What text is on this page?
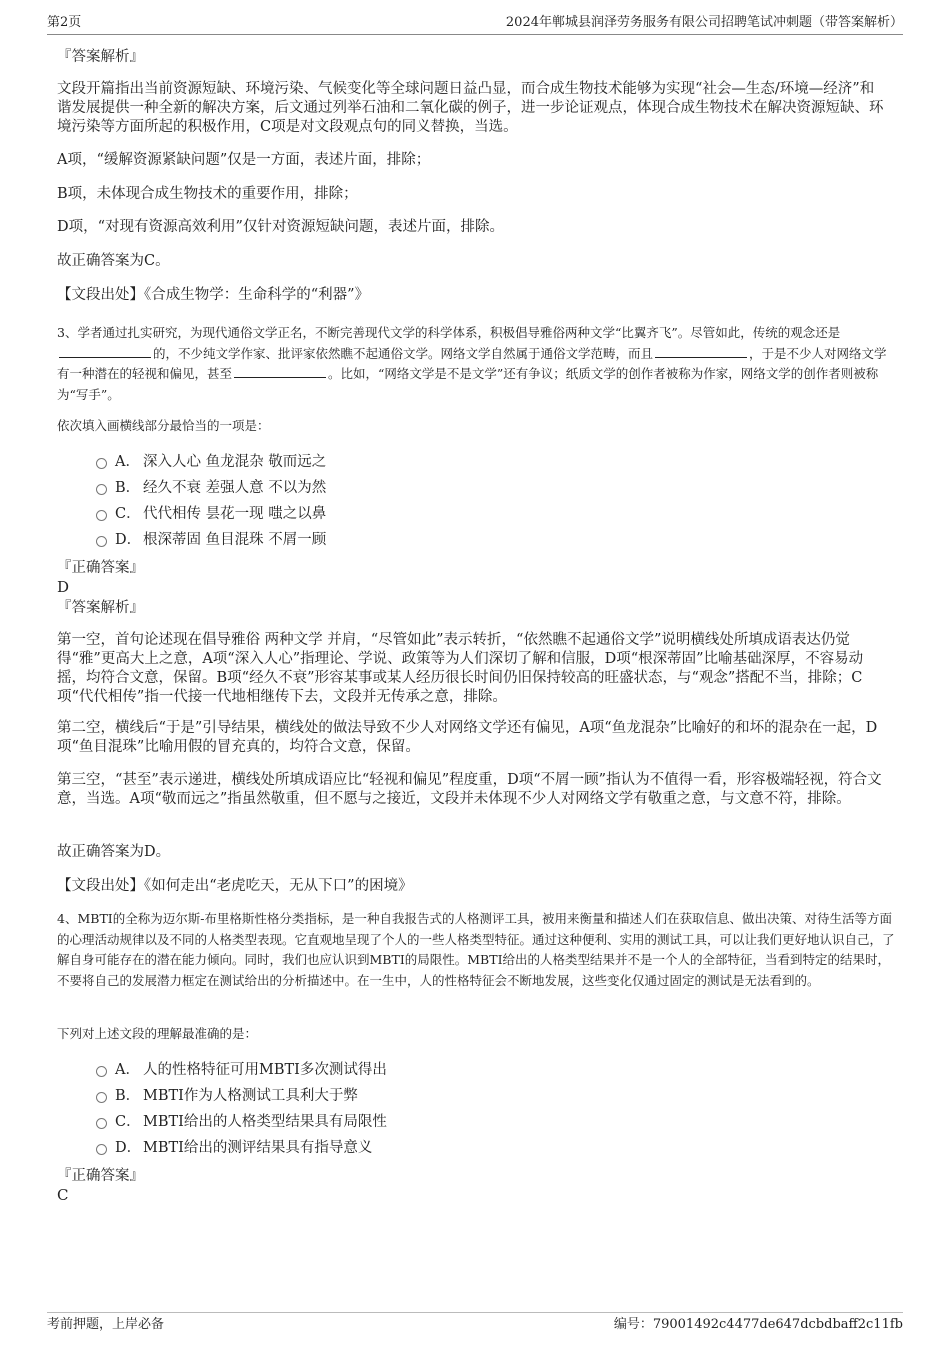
第2页	2024年郸城县润泽劳务服务有限公司招聘笔试冲刺题（带答案解析）
『答案解析』

文段开篇指出当前资源短缺、环境污染、气候变化等全球问题日益凸显，而合成生物技术能够为实现“社会—生态/环境—经济”和谐发展提供一种全新的解决方案，后文通过列举石油和二氧化碳的例子，进一步论证观点，体现合成生物技术在解决资源短缺、环境污染等方面所起的积极作用，C项是对文段观点句的同义替换，当选。

A项，“缓解资源紧缺问题”仅是一方面，表述片面，排除；

B项，未体现合成生物技术的重要作用，排除；

D项，“对现有资源高效利用”仅针对资源短缺问题，表述片面，排除。

故正确答案为C。

【文段出处】《合成生物学：生命科学的“利器”》

3、学者通过扎实研究，为现代通俗文学正名，不断完善现代文学的科学体系，积极倡导雅俗两种文学“比翼齐飞”。尽管如此，传统的观念还是的，不少纯文学作家、批评家依然瞧不起通俗文学。网络文学自然属于通俗文学范畴，而且	，于是不少人对网络文学有一种潜在的轻视和偏见，甚至	。比如，“网络文学是不是文学”还有争议；纸质文学的创作者被称为作家，网络文学的创作者则被称为“写手”。

依次填入画横线部分最恰当的一项是：

A． 深入人心 鱼龙混杂 敬而远之
B． 经久不衰 差强人意 不以为然
C． 代代相传 昙花一现 嗤之以鼻
D． 根深蒂固 鱼目混珠 不屑一顾
『正确答案』
D
『答案解析』

第一空，首句论述现在倡导雅俗 两种文学 并肩，“尽管如此”表示转折，“依然瞧不起通俗文学”说明横线处所填成语表达仍觉得“雅”更高大上之意，A项“深入人心”指理论、学说、政策等为人们深切了解和信服，D项“根深蒂固”比喻基础深厚，不容易动摇，均符合文意，保留。B项“经久不衰”形容某事或某人经历很长时间仍旧保持较高的旺盛状态，与“观念”搭配不当，排除；C项“代代相传”指一代接一代地相继传下去，文段并无传承之意，排除。

第二空，横线后“于是”引导结果，横线处的做法导致不少人对网络文学还有偏见，A项“鱼龙混杂”比喻好的和坏的混杂在一起，D项“鱼目混珠”比喻用假的冒充真的，均符合文意，保留。

第三空，“甚至”表示递进，横线处所填成语应比“轻视和偏见”程度重，D项“不屑一顾”指认为不值得一看，形容极端轻视，符合文意，当选。A项“敬而远之”指虽然敬重，但不愿与之接近，文段并未体现不少人对网络文学有敬重之意，与文意不符，排除。

故正确答案为D。

【文段出处】《如何走出“老虎吃天，无从下口”的困境》

4、MBTI的全称为迈尔斯-布里格斯性格分类指标，是一种自我报告式的人格测评工具，被用来衡量和描述人们在获取信息、做出决策、对待生活等方面的心理活动规律以及不同的人格类型表现。它直观地呈现了个人的一些人格类型特征。通过这种便利、实用的测试工具，可以让我们更好地认识自己，了解自身可能存在的潜在能力倾向。同时，我们也应认识到MBTI的局限性。MBTI给出的人格类型结果并不是一个人的全部特征，当看到特定的结果时，不要将自己的发展潜力框定在测试给出的分析描述中。在一生中，人的性格特征会不断地发展，这些变化仅通过固定的测试是无法看到的。

下列对上述文段的理解最准确的是：

A． 人的性格特征可用MBTI多次测试得出
B． MBTI作为人格测试工具利大于弊
C． MBTI给出的人格类型结果具有局限性
D． MBTI给出的测评结果具有指导意义
『正确答案』
C
考前押题，上岸必备	编号：79001492c4477de647dcbdbaff2c11fb
